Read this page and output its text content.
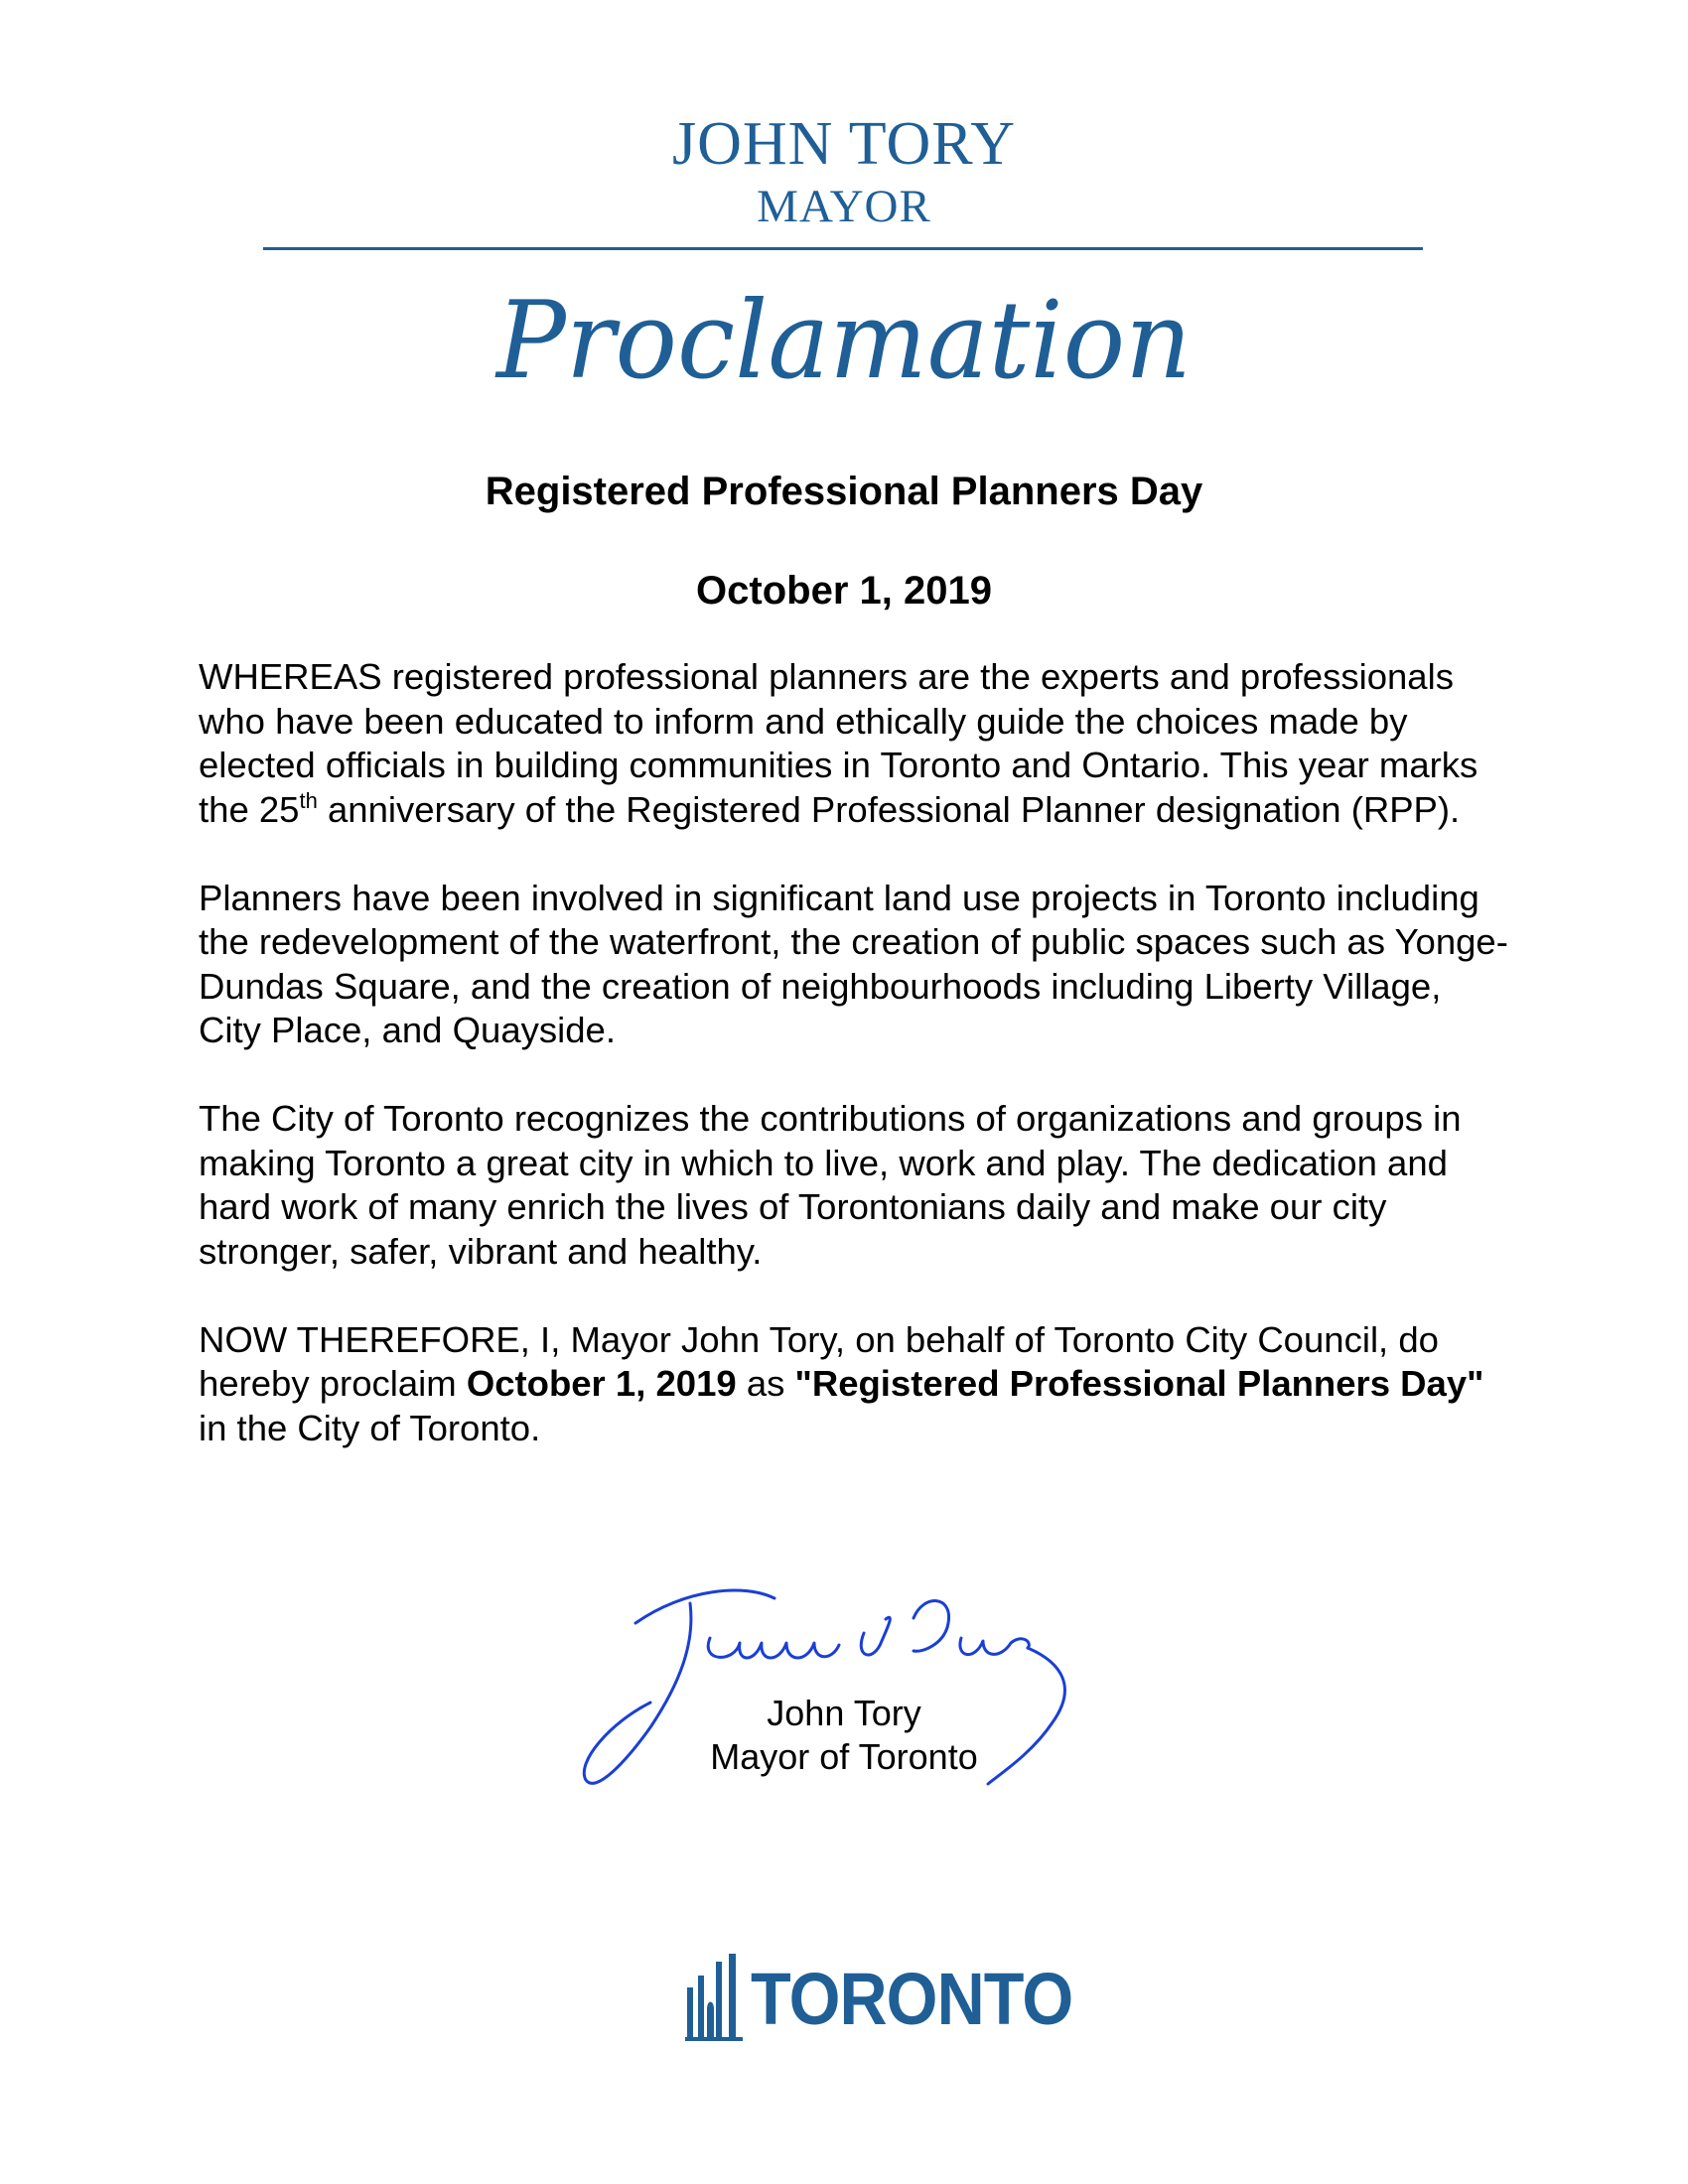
JOHN TORY
MAYOR
Proclamation
Registered Professional Planners Day
October 1, 2019

WHEREAS registered professional planners are the experts and professionals who have been educated to inform and ethically guide the choices made by elected officials in building communities in Toronto and Ontario. This year marks the 25th anniversary of the Registered Professional Planner designation (RPP).

Planners have been involved in significant land use projects in Toronto including the redevelopment of the waterfront, the creation of public spaces such as Yonge-Dundas Square, and the creation of neighbourhoods including Liberty Village, City Place, and Quayside.

The City of Toronto recognizes the contributions of organizations and groups in making Toronto a great city in which to live, work and play. The dedication and hard work of many enrich the lives of Torontonians daily and make our city stronger, safer, vibrant and healthy.

NOW THEREFORE, I, Mayor John Tory, on behalf of Toronto City Council, do hereby proclaim October 1, 2019 as "Registered Professional Planners Day" in the City of Toronto.

John Tory
Mayor of Toronto
TORONTO
